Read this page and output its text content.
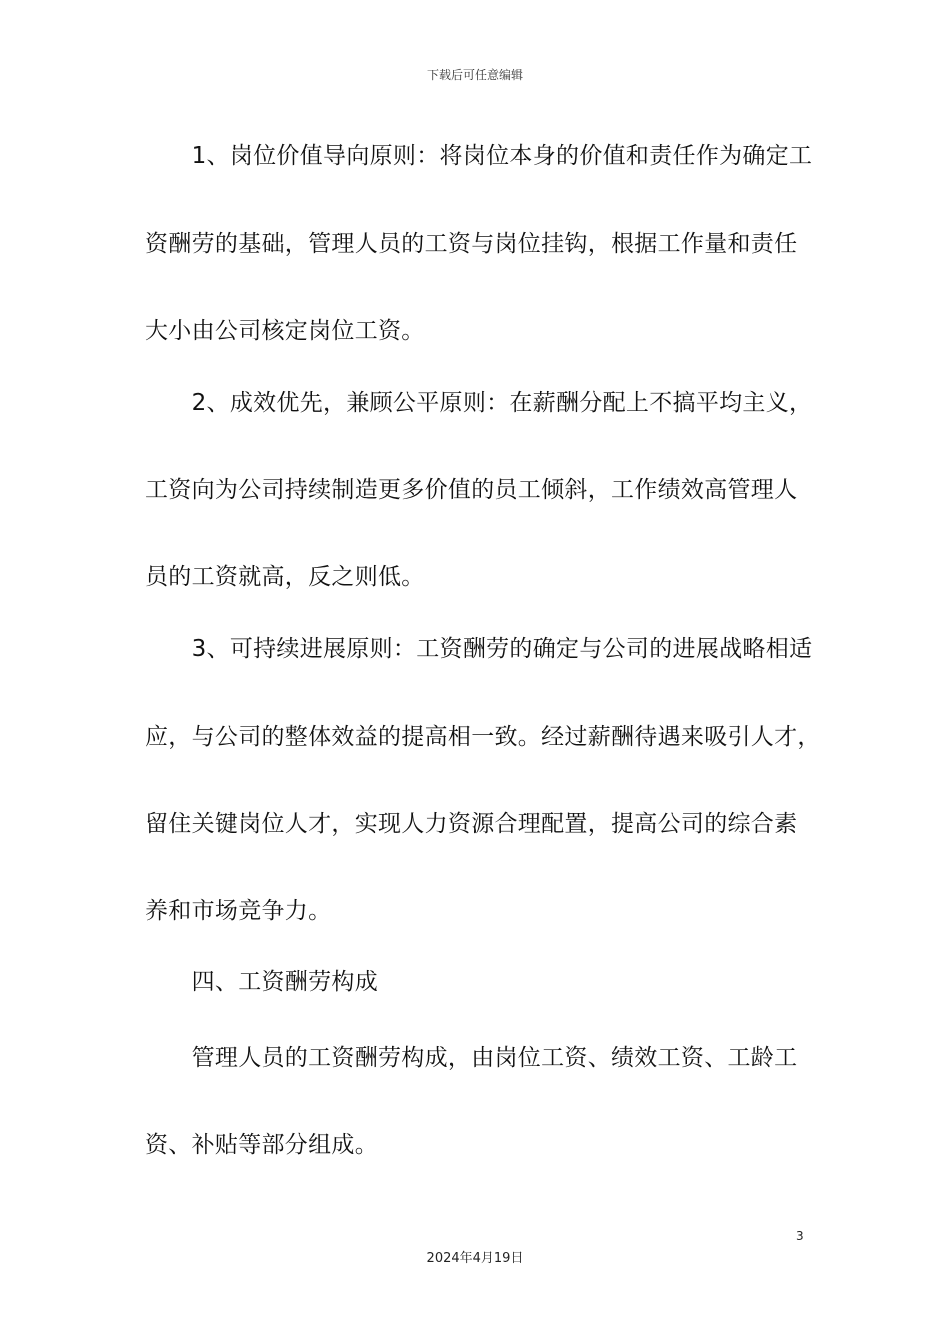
下载后可任意编辑
　　1、岗位价值导向原则：将岗位本身的价值和责任作为确定工
资酬劳的基础，管理人员的工资与岗位挂钩，根据工作量和责任
大小由公司核定岗位工资。
　　2、成效优先，兼顾公平原则：在薪酬分配上不搞平均主义，
工资向为公司持续制造更多价值的员工倾斜，工作绩效高管理人
员的工资就高，反之则低。
　　3、可持续进展原则：工资酬劳的确定与公司的进展战略相适
应，与公司的整体效益的提高相一致。经过薪酬待遇来吸引人才，
留住关键岗位人才，实现人力资源合理配置，提高公司的综合素
养和市场竞争力。
　　四、工资酬劳构成
　　管理人员的工资酬劳构成，由岗位工资、绩效工资、工龄工
资、补贴等部分组成。
3
2024年4月19日
